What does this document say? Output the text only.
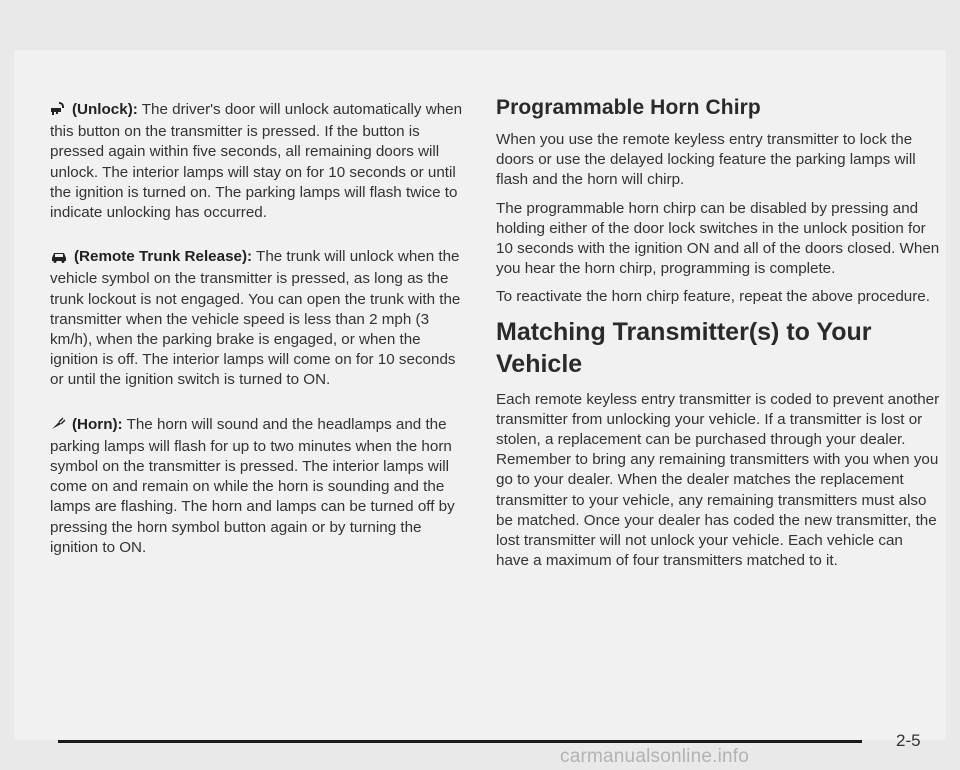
(Unlock): The driver's door will unlock automatically when this button on the transmitter is pressed. If the button is pressed again within five seconds, all remaining doors will unlock. The interior lamps will stay on for 10 seconds or until the ignition is turned on. The parking lamps will flash twice to indicate unlocking has occurred.

(Remote Trunk Release): The trunk will unlock when the vehicle symbol on the transmitter is pressed, as long as the trunk lockout is not engaged. You can open the trunk with the transmitter when the vehicle speed is less than 2 mph (3 km/h), when the parking brake is engaged, or when the ignition is off. The interior lamps will come on for 10 seconds or until the ignition switch is turned to ON.

(Horn): The horn will sound and the headlamps and the parking lamps will flash for up to two minutes when the horn symbol on the transmitter is pressed. The interior lamps will come on and remain on while the horn is sounding and the lamps are flashing. The horn and lamps can be turned off by pressing the horn symbol button again or by turning the ignition to ON.

Programmable Horn Chirp

When you use the remote keyless entry transmitter to lock the doors or use the delayed locking feature the parking lamps will flash and the horn will chirp.

The programmable horn chirp can be disabled by pressing and holding either of the door lock switches in the unlock position for 10 seconds with the ignition ON and all of the doors closed. When you hear the horn chirp, programming is complete.

To reactivate the horn chirp feature, repeat the above procedure.

Matching Transmitter(s) to Your Vehicle

Each remote keyless entry transmitter is coded to prevent another transmitter from unlocking your vehicle. If a transmitter is lost or stolen, a replacement can be purchased through your dealer. Remember to bring any remaining transmitters with you when you go to your dealer. When the dealer matches the replacement transmitter to your vehicle, any remaining transmitters must also be matched. Once your dealer has coded the new transmitter, the lost transmitter will not unlock your vehicle. Each vehicle can have a maximum of four transmitters matched to it.

2-5
carmanualsonline.info
